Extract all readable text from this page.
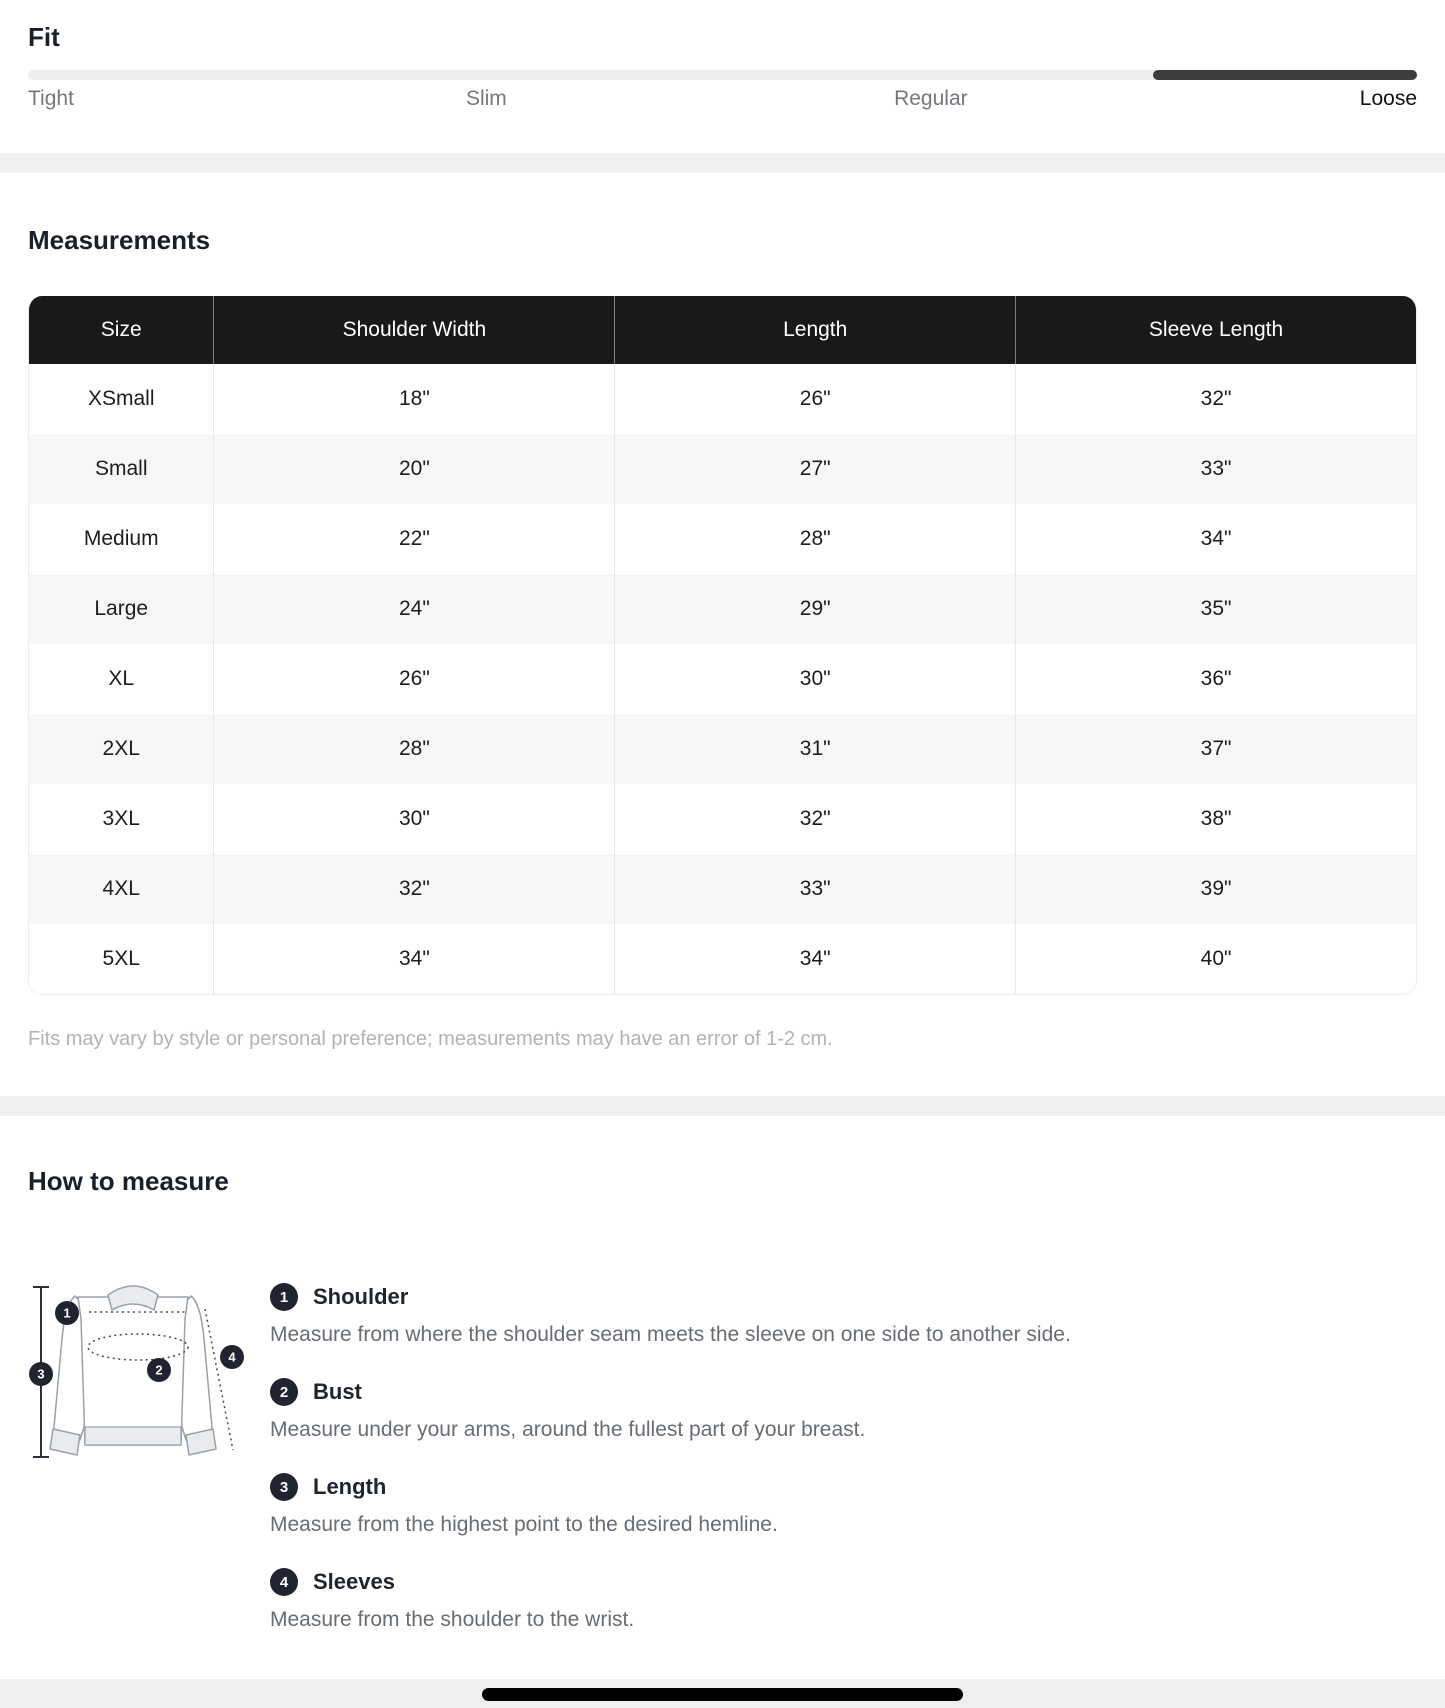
Fit
Tight	Slim	Regular	Loose
Measurements
Size	Shoulder Width	Length	Sleeve Length
XSmall	18"	26"	32"
Small	20"	27"	33"
Medium	22"	28"	34"
Large	24"	29"	35"
XL	26"	30"	36"
2XL	28"	31"	37"
3XL	30"	32"	38"
4XL	32"	33"	39"
5XL	34"	34"	40"

Fits may vary by style or personal preference; measurements may have an error of 1-2 cm.

How to measure
1
2
3
4
1	Shoulder
Measure from where the shoulder seam meets the sleeve on one side to another side.
2	Bust
Measure under your arms, around the fullest part of your breast.
3	Length
Measure from the highest point to the desired hemline.
4	Sleeves
Measure from the shoulder to the wrist.
